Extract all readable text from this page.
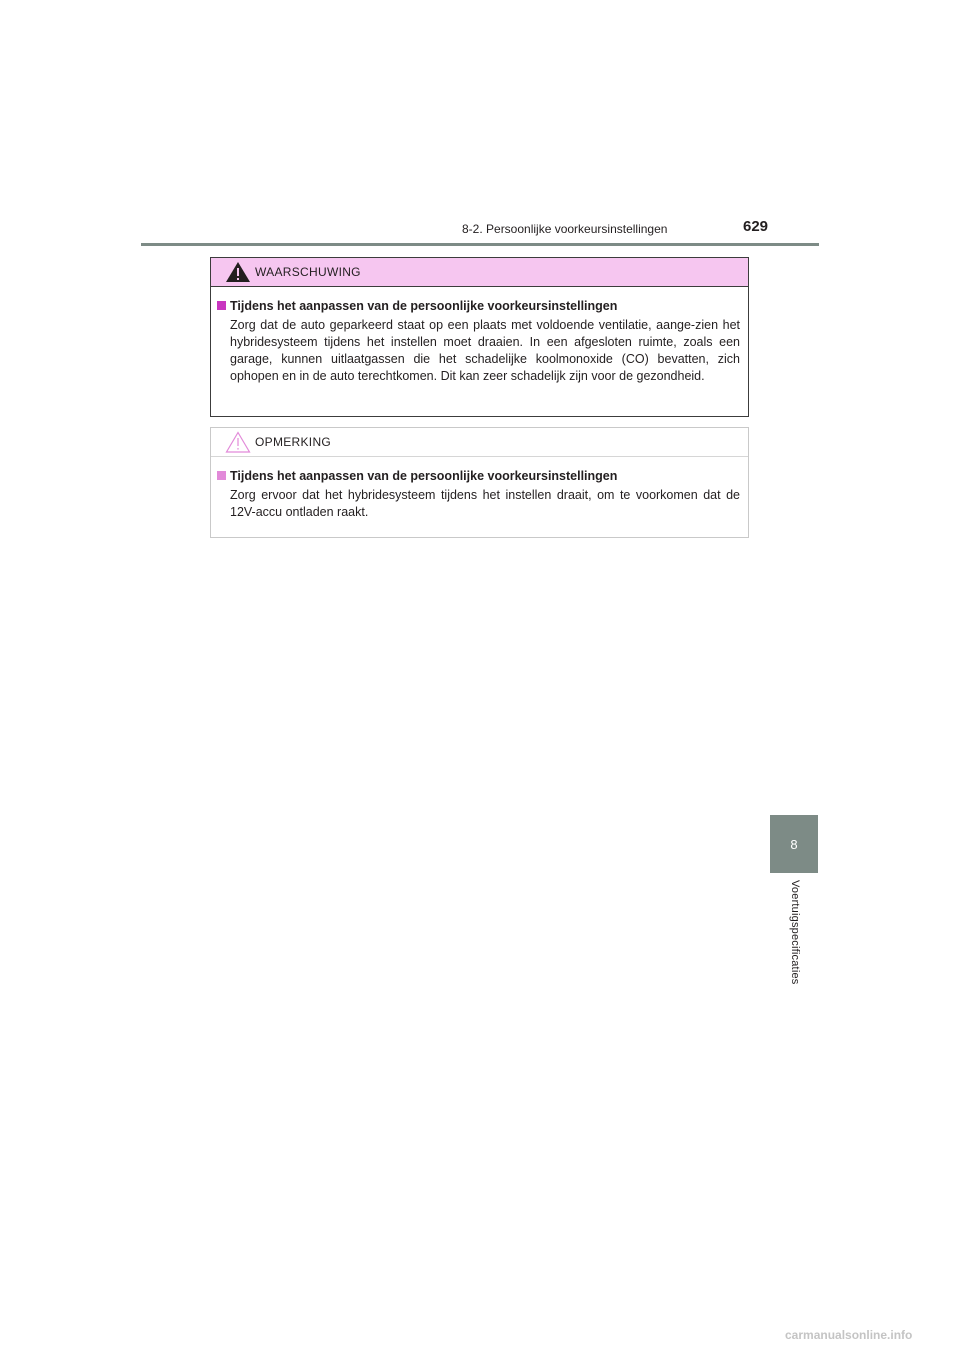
8-2. Persoonlijke voorkeursinstellingen	629
WAARSCHUWING
Tijdens het aanpassen van de persoonlijke voorkeursinstellingen
Zorg dat de auto geparkeerd staat op een plaats met voldoende ventilatie, aange-zien het hybridesysteem tijdens het instellen moet draaien. In een afgesloten ruimte, zoals een garage, kunnen uitlaatgassen die het schadelijke koolmonoxide (CO) bevatten, zich ophopen en in de auto terechtkomen. Dit kan zeer schadelijk zijn voor de gezondheid.
OPMERKING
Tijdens het aanpassen van de persoonlijke voorkeursinstellingen
Zorg ervoor dat het hybridesysteem tijdens het instellen draait, om te voorkomen dat de 12V-accu ontladen raakt.
8
Voertuigspecificaties
carmanualsonline.info
